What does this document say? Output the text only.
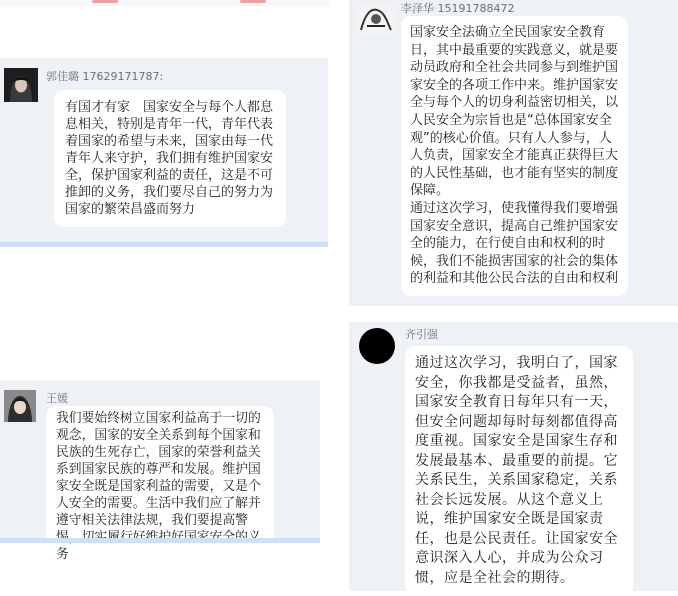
郭佳璐 17629171787:
有国才有家　国家安全与每个人都息息相关，特别是青年一代，青年代表着国家的希望与未来，国家由每一代青年人来守护，我们拥有维护国家安全，保护国家利益的责任，这是不可推卸的义务，我们要尽自己的努力为国家的繁荣昌盛而努力
李泽华 15191788472
国家安全法确立全民国家安全教育日，其中最重要的实践意义，就是要动员政府和全社会共同参与到维护国家安全的各项工作中来。维护国家安全与每个人的切身利益密切相关，以人民安全为宗旨也是“总体国家安全观”的核心价值。只有人人参与，人人负责，国家安全才能真正获得巨大的人民性基础，也才能有坚实的制度保障。
通过这次学习，使我懂得我们要增强国家安全意识，提高自己维护国家安全的能力，在行使自由和权利的时候，我们不能损害国家的社会的集体的利益和其他公民合法的自由和权利
王媛
我们要始终树立国家利益高于一切的观念，国家的安全关系到每个国家和民族的生死存亡，国家的荣誉利益关系到国家民族的尊严和发展。维护国家安全既是国家利益的需要，又是个人安全的需要。生活中我们应了解并遵守相关法律法规，我们要提高警 务
齐引强
通过这次学习，我明白了，国家安全，你我都是受益者，虽然，国家安全教育日每年只有一天，但安全问题却每时每刻都值得高度重视。国家安全是国家生存和发展最基本、最重要的前提。它关系民生，关系国家稳定，关系社会长远发展。从这个意义上说，维护国家安全既是国家责任，也是公民责任。让国家安全意识深入人心，并成为公众习惯，应是全社会的期待。
